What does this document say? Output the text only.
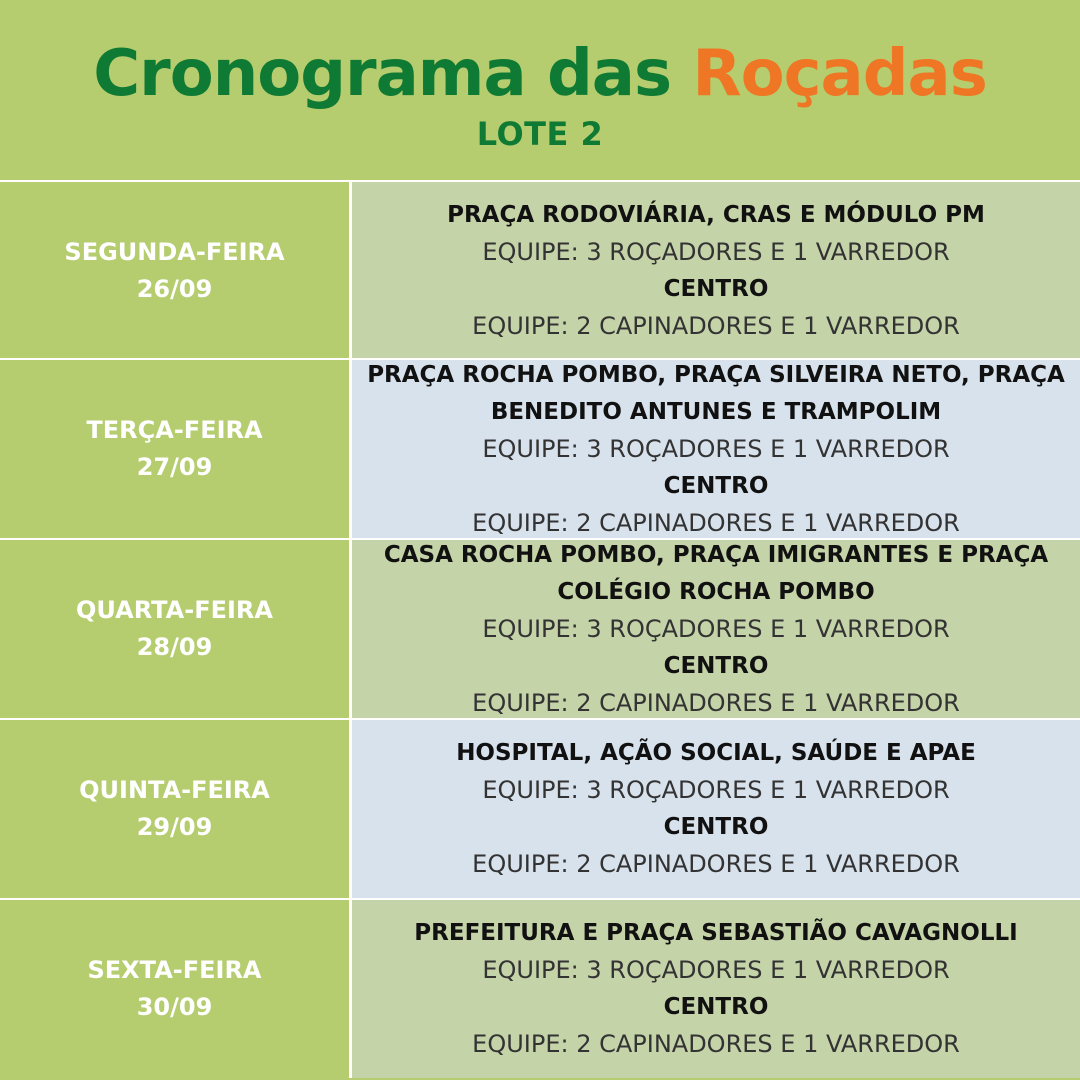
Cronograma das Roçadas
LOTE 2
SEGUNDA-FEIRA
26/09
PRAÇA RODOVIÁRIA, CRAS E MÓDULO PM
EQUIPE: 3 ROÇADORES E 1 VARREDOR
CENTRO
EQUIPE: 2 CAPINADORES E 1 VARREDOR
TERÇA-FEIRA
27/09
PRAÇA ROCHA POMBO, PRAÇA SILVEIRA NETO, PRAÇA BENEDITO ANTUNES E TRAMPOLIM
EQUIPE: 3 ROÇADORES E 1 VARREDOR
CENTRO
EQUIPE: 2 CAPINADORES E 1 VARREDOR
QUARTA-FEIRA
28/09
CASA ROCHA POMBO, PRAÇA IMIGRANTES E PRAÇA COLÉGIO ROCHA POMBO
EQUIPE: 3 ROÇADORES E 1 VARREDOR
CENTRO
EQUIPE: 2 CAPINADORES E 1 VARREDOR
QUINTA-FEIRA
29/09
HOSPITAL, AÇÃO SOCIAL, SAÚDE E APAE
EQUIPE: 3 ROÇADORES E 1 VARREDOR
CENTRO
EQUIPE: 2 CAPINADORES E 1 VARREDOR
SEXTA-FEIRA
30/09
PREFEITURA E PRAÇA SEBASTIÃO CAVAGNOLLI
EQUIPE: 3 ROÇADORES E 1 VARREDOR
CENTRO
EQUIPE: 2 CAPINADORES E 1 VARREDOR
